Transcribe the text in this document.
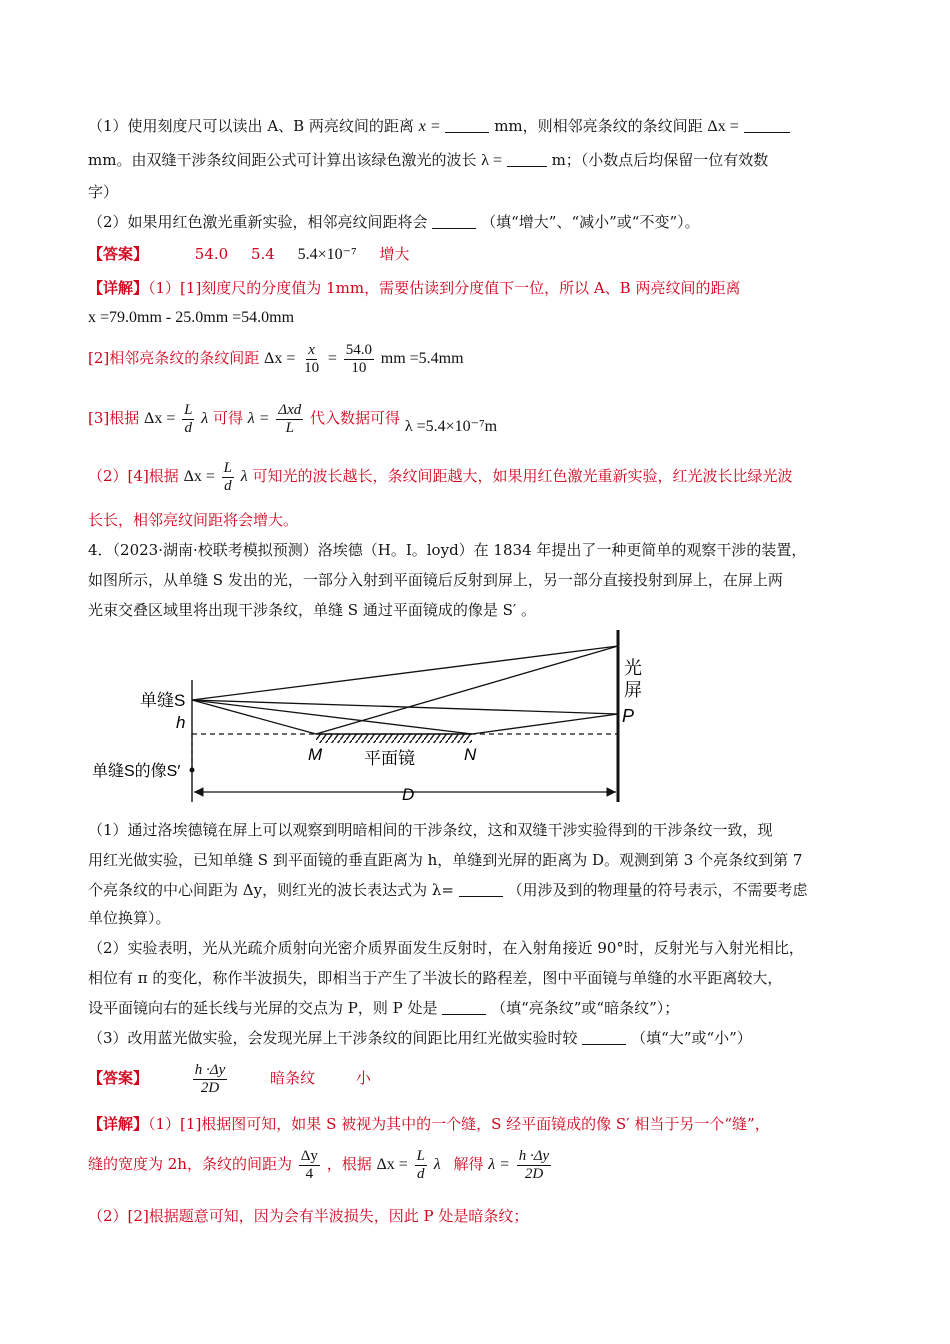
（1）使用刻度尺可以读出 A、B 两亮纹间的距离 x =	mm，则相邻亮条纹的条纹间距 Δx =
mm。由双缝干涉条纹间距公式可计算出该绿色激光的波长 λ =	m；（小数点后均保留一位有效数
字）
（2）如果用红色激光重新实验，相邻亮纹间距将会	（填“增大”、“减小”或“不变”）。
【答案】	54.0 5.4 5.4×10⁻⁷ 增大
【详解】（1）[1]刻度尺的分度值为 1mm，需要估读到分度值下一位，所以 A、B 两亮纹间的距离
x =79.0mm - 25.0mm =54.0mm
[2]相邻亮条纹的条纹间距 $\Delta x = \frac{x}{10} = \frac{54.0}{10}$ mm =5.4mm
[3]根据 $\Delta x = \frac{L}{d}$ λ 可得 $\lambda = \frac{\text{Δxd}}{L}$ 代入数据可得 λ =5.4×10⁻⁷m
（2）[4]根据 $\Delta x = \frac{L}{d}$ λ 可知光的波长越长，条纹间距越大，如果用红色激光重新实验，红光波长比绿光波
长长，相邻亮纹间距将会增大。
4．（2023·湖南·校联考模拟预测）洛埃德（H。I。loyd）在 1834 年提出了一种更简单的观察干涉的装置，
如图所示，从单缝 S 发出的光，一部分入射到平面镜后反射到屏上，另一部分直接投射到屏上，在屏上两
光束交叠区域里将出现干涉条纹，单缝 S 通过平面镜成的像是 S′ 。
单缝S
h
单缝S的像S′
光
屏
P
M 平面镜	N
D
（1）通过洛埃德镜在屏上可以观察到明暗相间的干涉条纹，这和双缝干涉实验得到的干涉条纹一致，现
用红光做实验，已知单缝 S 到平面镜的垂直距离为 h，单缝到光屏的距离为 D。观测到第 3 个亮条纹到第 7
个亮条纹的中心间距为 Δy，则红光的波长表达式为 λ=	（用涉及到的物理量的符号表示，不需要考虑
单位换算）。
（2）实验表明，光从光疏介质射向光密介质界面发生反射时，在入射角接近 90°时，反射光与入射光相比，
相位有 π 的变化，称作半波损失，即相当于产生了半波长的路程差，图中平面镜与单缝的水平距离较大，
设平面镜向右的延长线与光屏的交点为 P，则 P 处是	（填“亮条纹”或“暗条纹”）；
（3）改用蓝光做实验，会发现光屏上干涉条纹的间距比用红光做实验时较	（填“大”或“小”）
【答案】	$\frac{h \cdot\Delta y}{2D}$	暗条纹	小
【详解】（1）[1]根据图可知，如果 S 被视为其中的一个缝，S 经平面镜成的像 S′ 相当于另一个“缝”，
缝的宽度为 2h，条纹的间距为 $\frac{\Delta y}{4}$ ，根据 $\Delta x = \frac{L}{d}$ λ 解得 $\lambda = \frac{h \cdot\Delta y}{2D}$
（2）[2]根据题意可知，因为会有半波损失，因此 P 处是暗条纹；
